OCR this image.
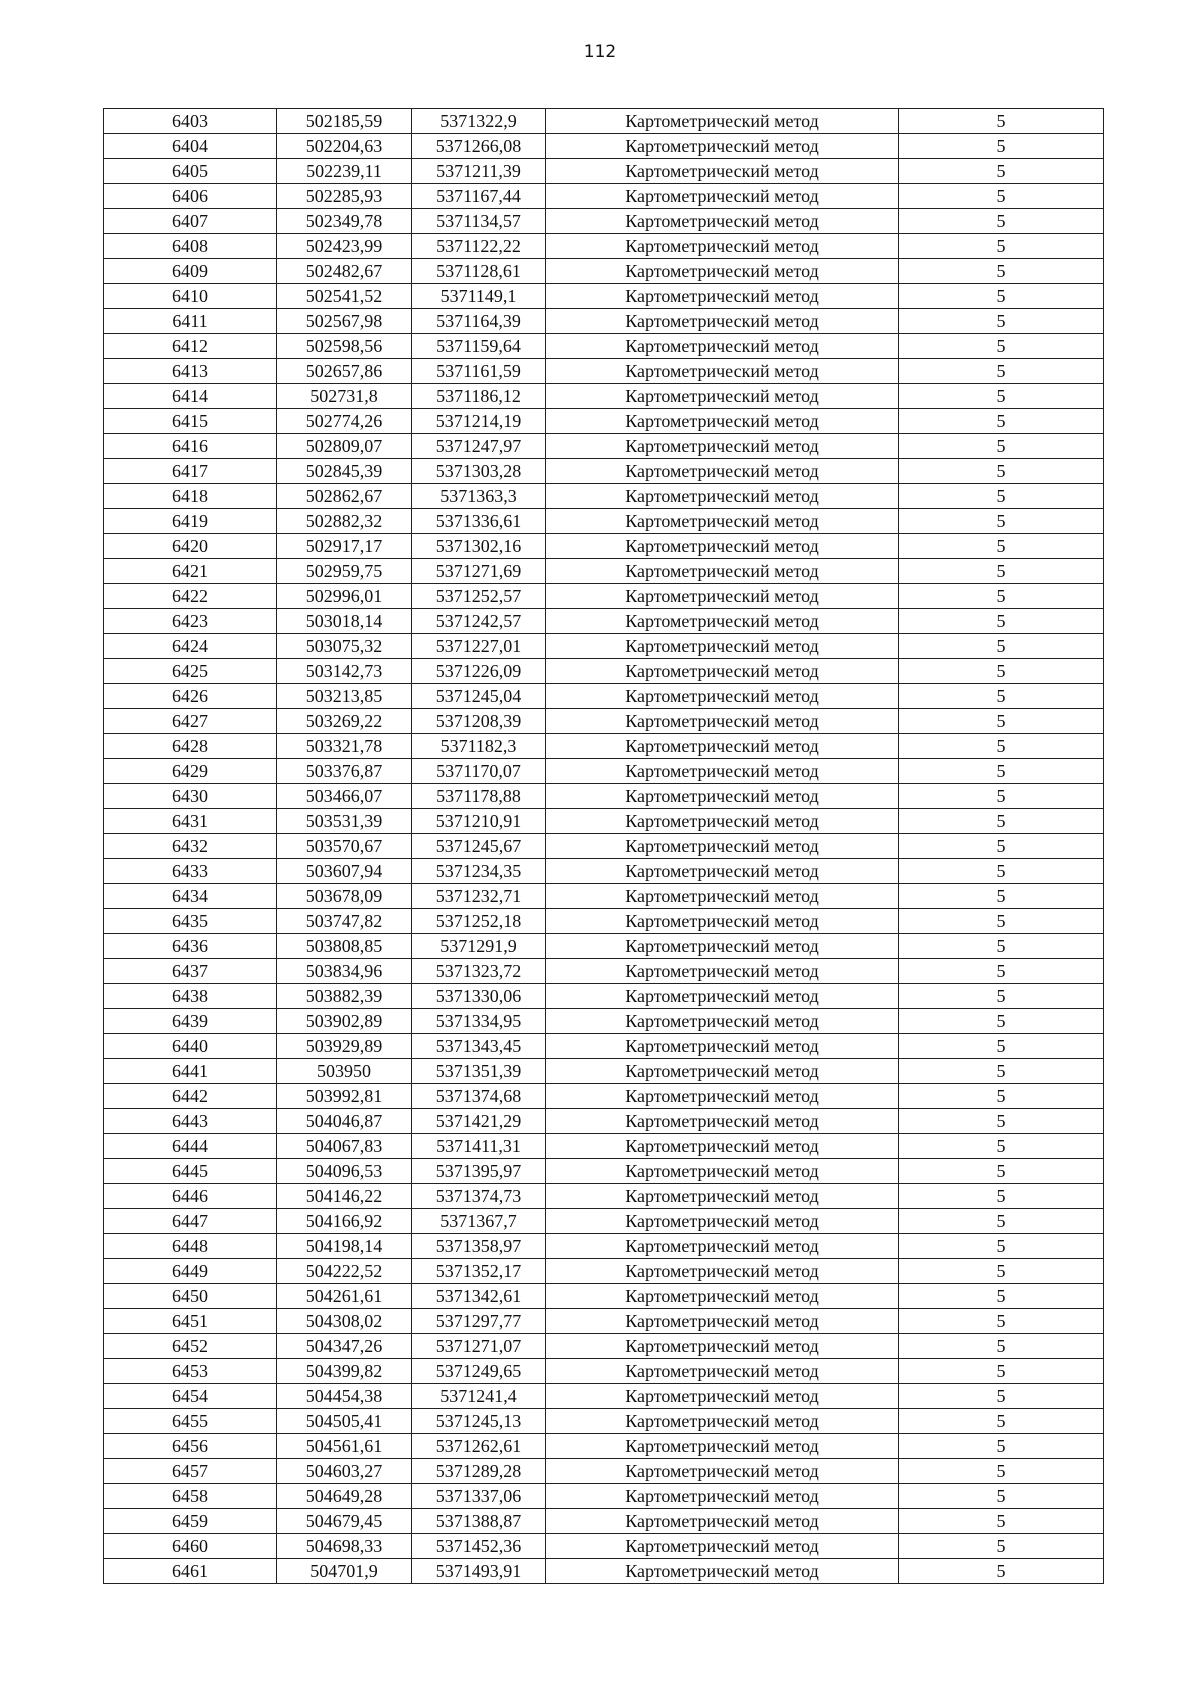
112
6403	502185,59	5371322,9	Картометрический метод	5
6404	502204,63	5371266,08	Картометрический метод	5
6405	502239,11	5371211,39	Картометрический метод	5
6406	502285,93	5371167,44	Картометрический метод	5
6407	502349,78	5371134,57	Картометрический метод	5
6408	502423,99	5371122,22	Картометрический метод	5
6409	502482,67	5371128,61	Картометрический метод	5
6410	502541,52	5371149,1	Картометрический метод	5
6411	502567,98	5371164,39	Картометрический метод	5
6412	502598,56	5371159,64	Картометрический метод	5
6413	502657,86	5371161,59	Картометрический метод	5
6414	502731,8	5371186,12	Картометрический метод	5
6415	502774,26	5371214,19	Картометрический метод	5
6416	502809,07	5371247,97	Картометрический метод	5
6417	502845,39	5371303,28	Картометрический метод	5
6418	502862,67	5371363,3	Картометрический метод	5
6419	502882,32	5371336,61	Картометрический метод	5
6420	502917,17	5371302,16	Картометрический метод	5
6421	502959,75	5371271,69	Картометрический метод	5
6422	502996,01	5371252,57	Картометрический метод	5
6423	503018,14	5371242,57	Картометрический метод	5
6424	503075,32	5371227,01	Картометрический метод	5
6425	503142,73	5371226,09	Картометрический метод	5
6426	503213,85	5371245,04	Картометрический метод	5
6427	503269,22	5371208,39	Картометрический метод	5
6428	503321,78	5371182,3	Картометрический метод	5
6429	503376,87	5371170,07	Картометрический метод	5
6430	503466,07	5371178,88	Картометрический метод	5
6431	503531,39	5371210,91	Картометрический метод	5
6432	503570,67	5371245,67	Картометрический метод	5
6433	503607,94	5371234,35	Картометрический метод	5
6434	503678,09	5371232,71	Картометрический метод	5
6435	503747,82	5371252,18	Картометрический метод	5
6436	503808,85	5371291,9	Картометрический метод	5
6437	503834,96	5371323,72	Картометрический метод	5
6438	503882,39	5371330,06	Картометрический метод	5
6439	503902,89	5371334,95	Картометрический метод	5
6440	503929,89	5371343,45	Картометрический метод	5
6441	503950	5371351,39	Картометрический метод	5
6442	503992,81	5371374,68	Картометрический метод	5
6443	504046,87	5371421,29	Картометрический метод	5
6444	504067,83	5371411,31	Картометрический метод	5
6445	504096,53	5371395,97	Картометрический метод	5
6446	504146,22	5371374,73	Картометрический метод	5
6447	504166,92	5371367,7	Картометрический метод	5
6448	504198,14	5371358,97	Картометрический метод	5
6449	504222,52	5371352,17	Картометрический метод	5
6450	504261,61	5371342,61	Картометрический метод	5
6451	504308,02	5371297,77	Картометрический метод	5
6452	504347,26	5371271,07	Картометрический метод	5
6453	504399,82	5371249,65	Картометрический метод	5
6454	504454,38	5371241,4	Картометрический метод	5
6455	504505,41	5371245,13	Картометрический метод	5
6456	504561,61	5371262,61	Картометрический метод	5
6457	504603,27	5371289,28	Картометрический метод	5
6458	504649,28	5371337,06	Картометрический метод	5
6459	504679,45	5371388,87	Картометрический метод	5
6460	504698,33	5371452,36	Картометрический метод	5
6461	504701,9	5371493,91	Картометрический метод	5
